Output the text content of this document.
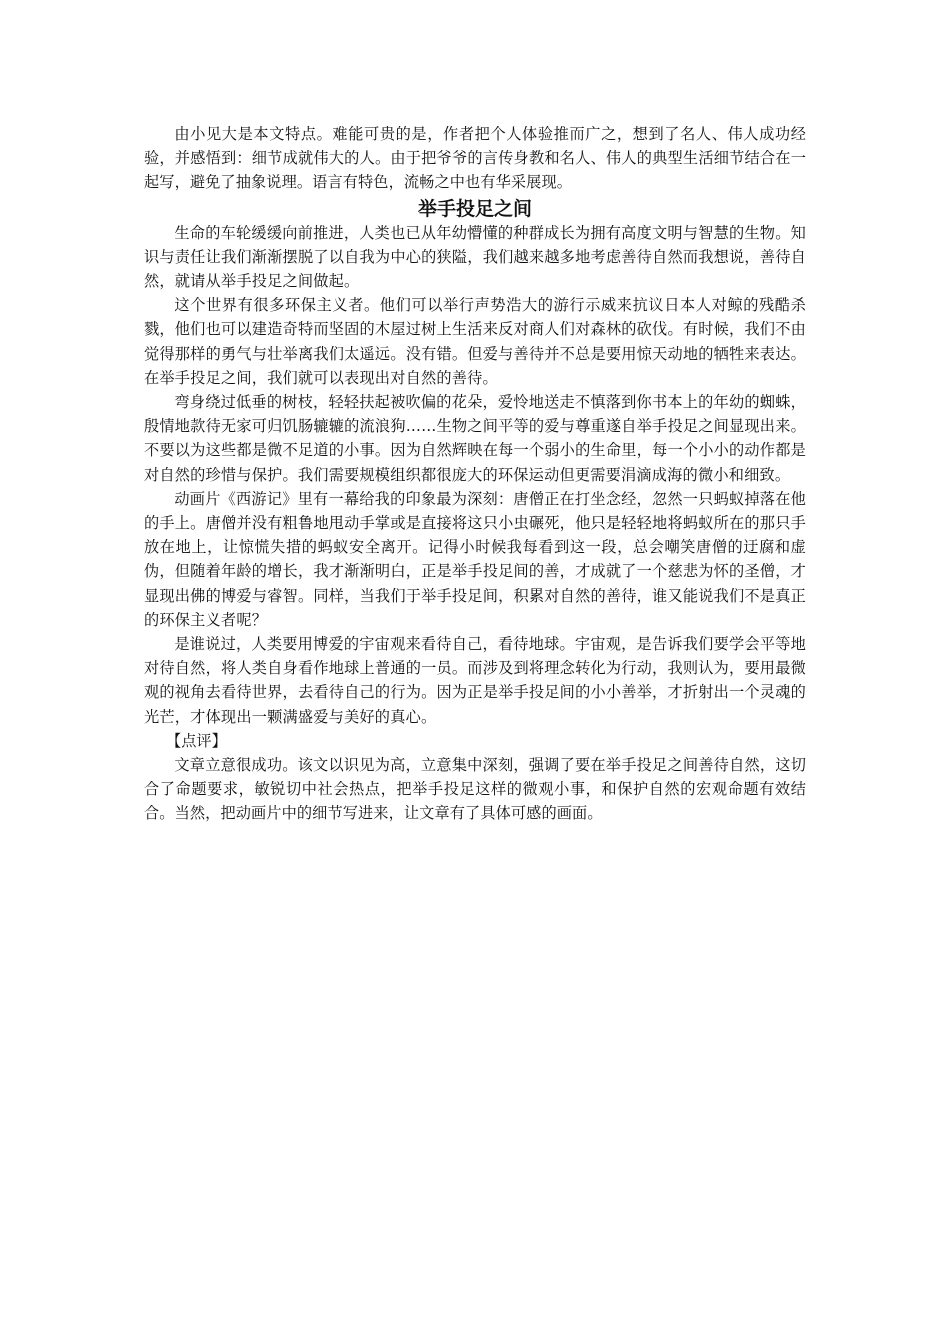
由小见大是本文特点。难能可贵的是，作者把个人体验推而广之，想到了名人、伟人成功经验，并感悟到：细节成就伟大的人。由于把爷爷的言传身教和名人、伟人的典型生活细节结合在一起写，避免了抽象说理。语言有特色，流畅之中也有华采展现。

举手投足之间

生命的车轮缓缓向前推进，人类也已从年幼懵懂的种群成长为拥有高度文明与智慧的生物。知识与责任让我们渐渐摆脱了以自我为中心的狭隘，我们越来越多地考虑善待自然而我想说，善待自然，就请从举手投足之间做起。

这个世界有很多环保主义者。他们可以举行声势浩大的游行示威来抗议日本人对鲸的残酷杀戮，他们也可以建造奇特而坚固的木屋过树上生活来反对商人们对森林的砍伐。有时候，我们不由觉得那样的勇气与壮举离我们太遥远。没有错。但爱与善待并不总是要用惊天动地的牺牲来表达。在举手投足之间，我们就可以表现出对自然的善待。

弯身绕过低垂的树枝，轻轻扶起被吹偏的花朵，爱怜地送走不慎落到你书本上的年幼的蜘蛛，殷情地款待无家可归饥肠辘辘的流浪狗……生物之间平等的爱与尊重遂自举手投足之间显现出来。不要以为这些都是微不足道的小事。因为自然辉映在每一个弱小的生命里，每一个小小的动作都是对自然的珍惜与保护。我们需要规模组织都很庞大的环保运动但更需要涓滴成海的微小和细致。

动画片《西游记》里有一幕给我的印象最为深刻：唐僧正在打坐念经，忽然一只蚂蚁掉落在他的手上。唐僧并没有粗鲁地甩动手掌或是直接将这只小虫碾死，他只是轻轻地将蚂蚁所在的那只手放在地上，让惊慌失措的蚂蚁安全离开。记得小时候我每看到这一段，总会嘲笑唐僧的迂腐和虚伪，但随着年龄的增长，我才渐渐明白，正是举手投足间的善，才成就了一个慈悲为怀的圣僧，才显现出佛的博爱与睿智。同样，当我们于举手投足间，积累对自然的善待，谁又能说我们不是真正的环保主义者呢？

是谁说过，人类要用博爱的宇宙观来看待自己，看待地球。宇宙观，是告诉我们要学会平等地对待自然，将人类自身看作地球上普通的一员。而涉及到将理念转化为行动，我则认为，要用最微观的视角去看待世界，去看待自己的行为。因为正是举手投足间的小小善举，才折射出一个灵魂的光芒，才体现出一颗满盛爱与美好的真心。

【点评】

文章立意很成功。该文以识见为高，立意集中深刻，强调了要在举手投足之间善待自然，这切合了命题要求，敏锐切中社会热点，把举手投足这样的微观小事，和保护自然的宏观命题有效结合。当然，把动画片中的细节写进来，让文章有了具体可感的画面。
